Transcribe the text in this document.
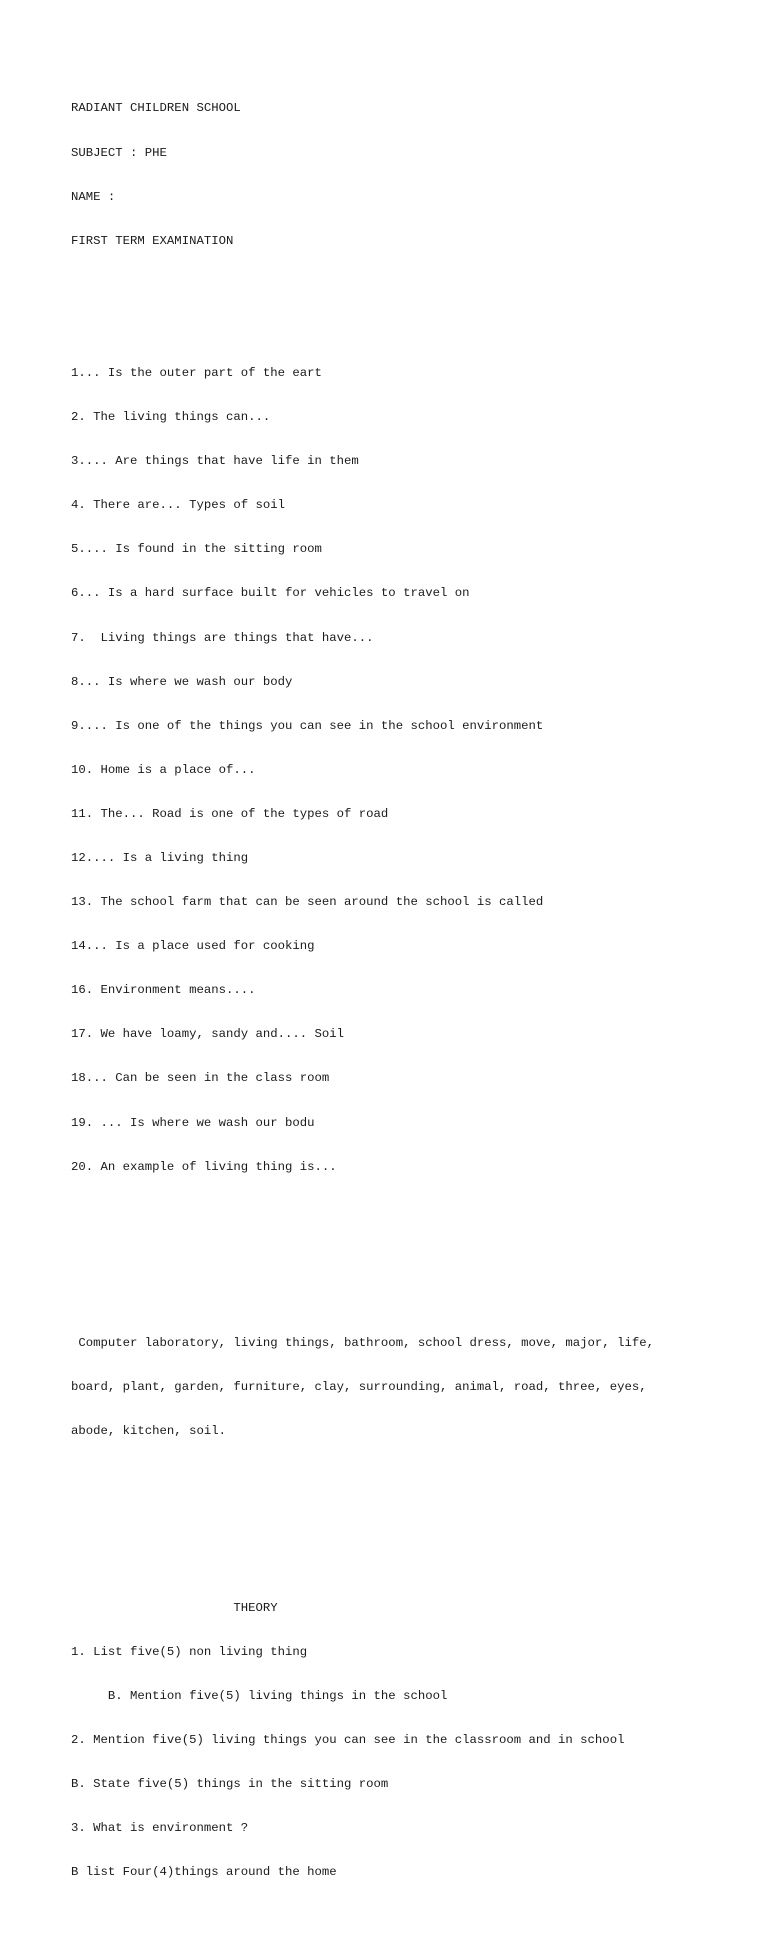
RADIANT CHILDREN SCHOOL

SUBJECT : PHE

NAME :

FIRST TERM EXAMINATION

1... Is the outer part of the eart

2. The living things can...

3.... Are things that have life in them

4. There are... Types of soil

5.... Is found in the sitting room

6... Is a hard surface built for vehicles to travel on

7.  Living things are things that have...

8... Is where we wash our body

9.... Is one of the things you can see in the school environment

10. Home is a place of...

11. The... Road is one of the types of road

12.... Is a living thing

13. The school farm that can be seen around the school is called

14... Is a place used for cooking

16. Environment means....

17. We have loamy, sandy and.... Soil

18... Can be seen in the class room

19. ... Is where we wash our bodu

20. An example of living thing is...

Computer laboratory, living things, bathroom, school dress, move, major, life,

board, plant, garden, furniture, clay, surrounding, animal, road, three, eyes,

abode, kitchen, soil.

THEORY

1. List five(5) non living thing

B. Mention five(5) living things in the school

2. Mention five(5) living things you can see in the classroom and in school

B. State five(5) things in the sitting room

3. What is environment ?

B list Four(4)things around the home
